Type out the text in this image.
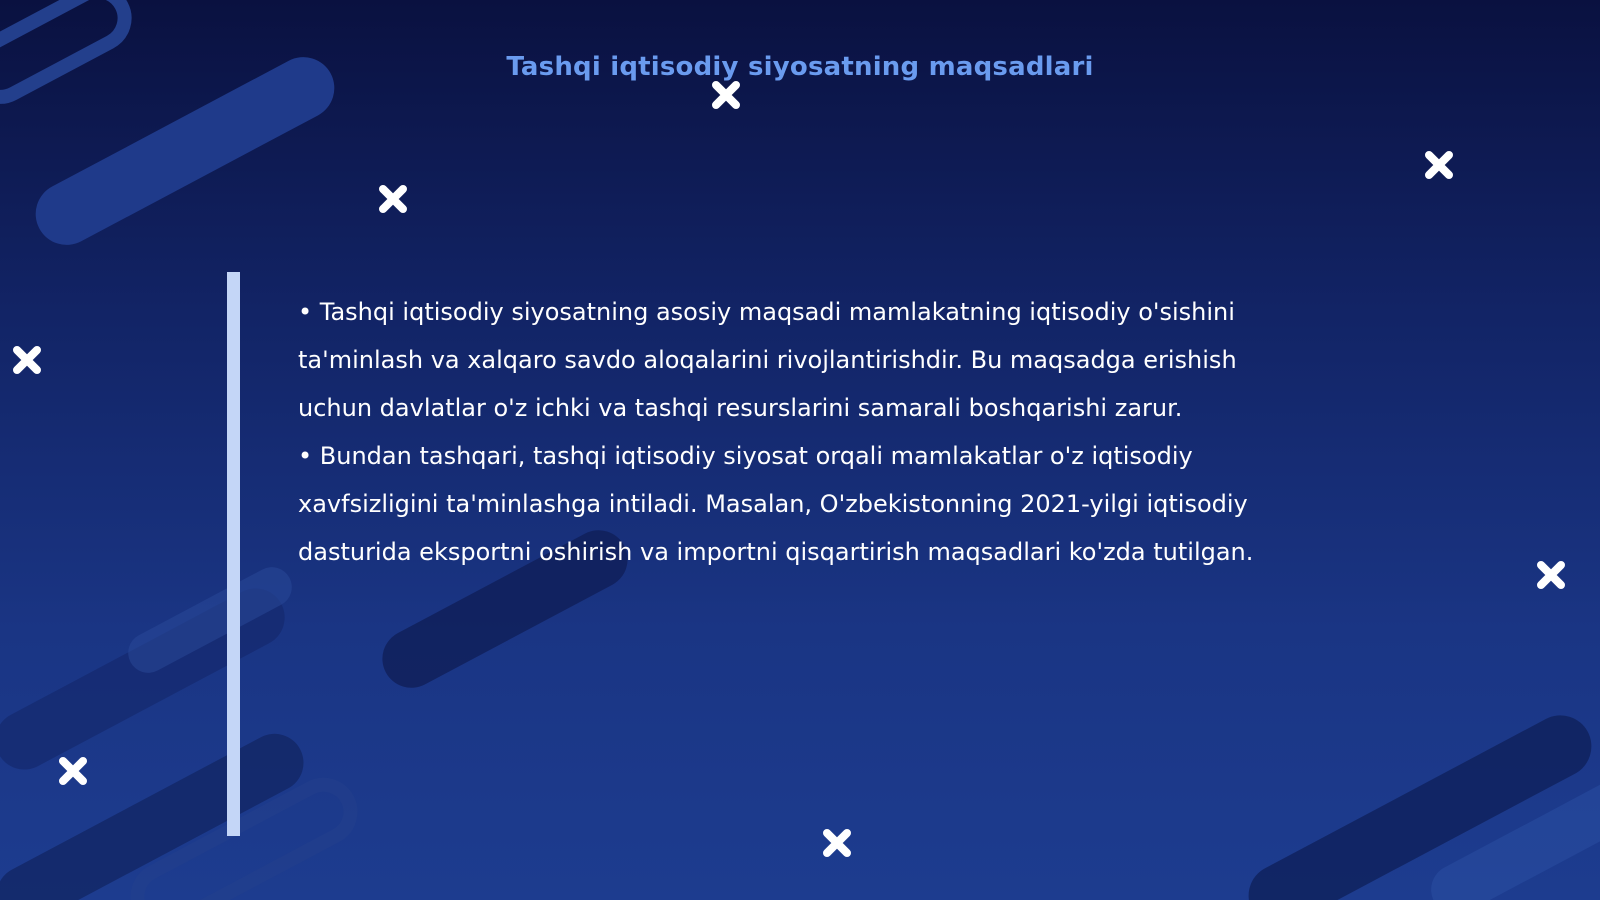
Tashqi iqtisodiy siyosatning maqsadlari

• Tashqi iqtisodiy siyosatning asosiy maqsadi mamlakatning iqtisodiy o'sishini ta'minlash va xalqaro savdo aloqalarini rivojlantirishdir. Bu maqsadga erishish uchun davlatlar o'z ichki va tashqi resurslarini samarali boshqarishi zarur.

• Bundan tashqari, tashqi iqtisodiy siyosat orqali mamlakatlar o'z iqtisodiy xavfsizligini ta'minlashga intiladi. Masalan, O'zbekistonning 2021-yilgi iqtisodiy dasturida eksportni oshirish va importni qisqartirish maqsadlari ko'zda tutilgan.
